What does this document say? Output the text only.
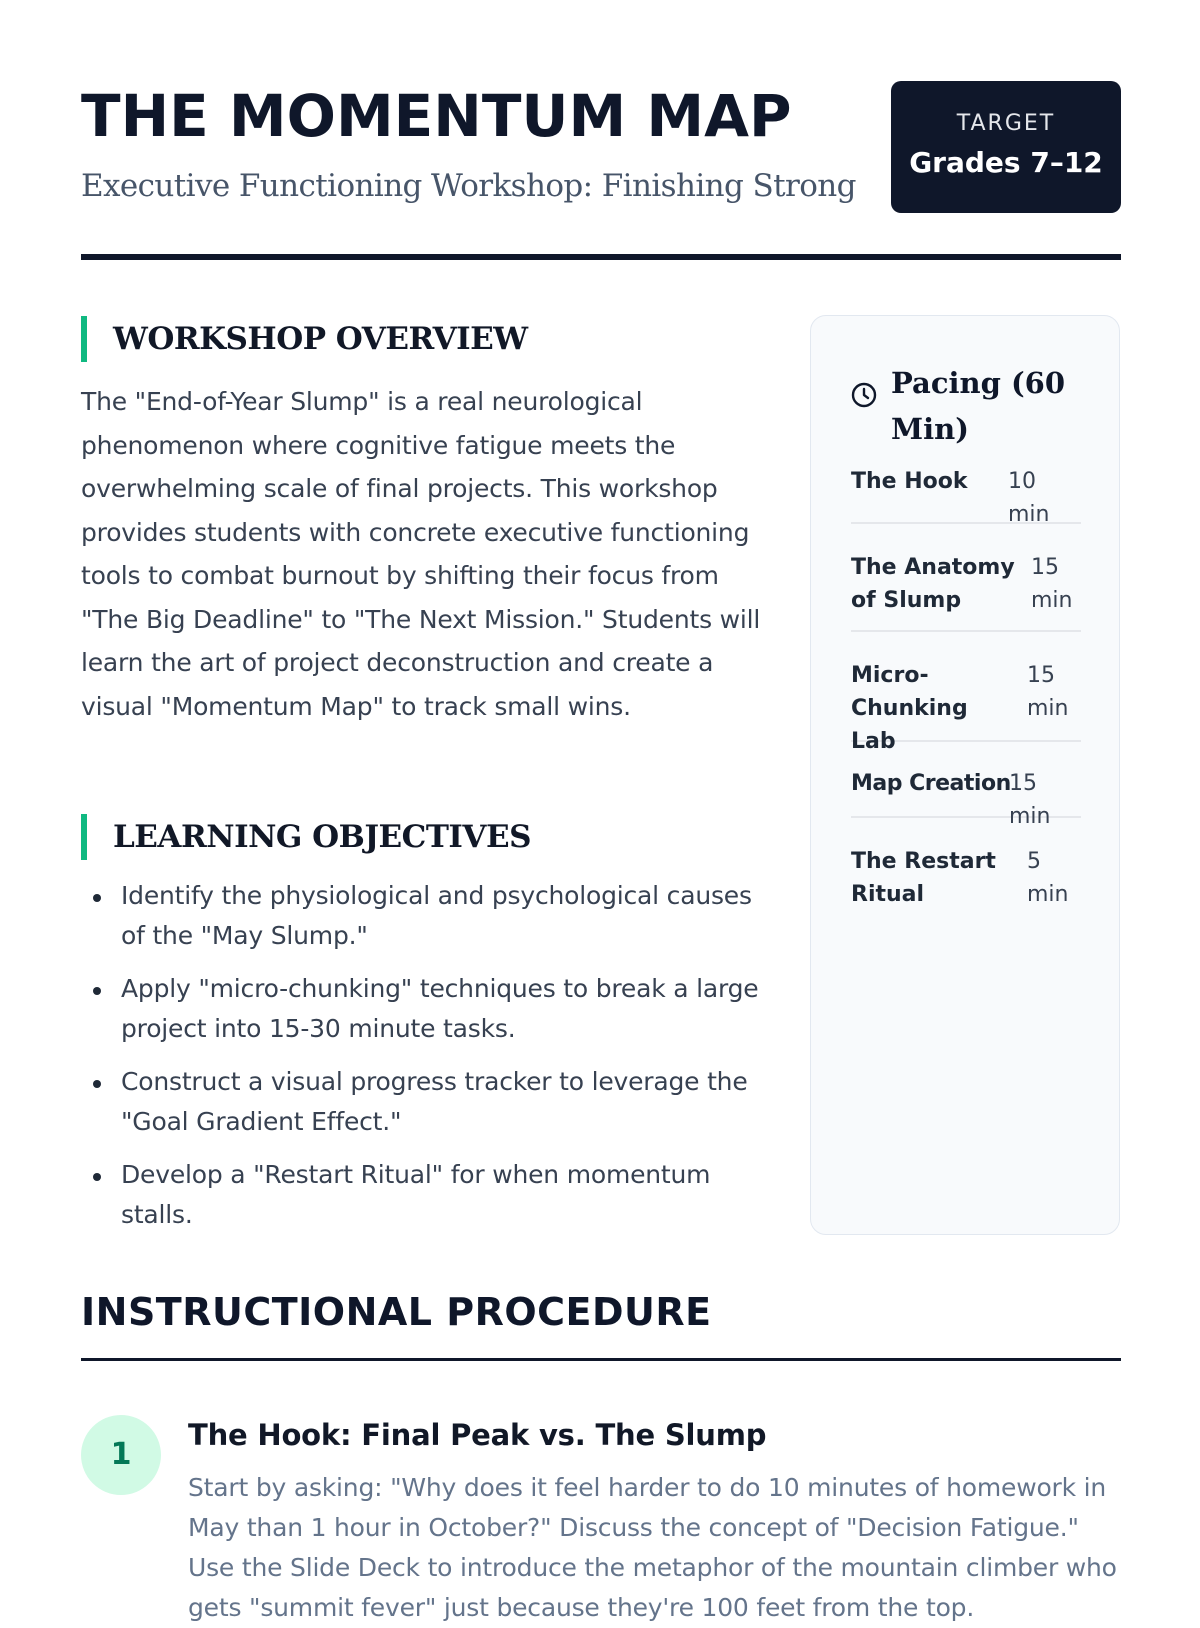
THE MOMENTUM MAP

Executive Functioning Workshop: Finishing Strong

TARGET
Grades 7–12
WORKSHOP OVERVIEW

The "End-of-Year Slump" is a real neurological phenomenon where cognitive fatigue meets the overwhelming scale of final projects. This workshop provides students with concrete executive functioning tools to combat burnout by shifting their focus from "The Big Deadline" to "The Next Mission." Students will learn the art of project deconstruction and create a visual "Momentum Map" to track small wins.

LEARNING OBJECTIVES
Identify the physiological and psychological causes of the "May Slump."
Apply "micro-chunking" techniques to break a large project into 15-30 minute tasks.
Construct a visual progress tracker to leverage the "Goal Gradient Effect."
Develop a "Restart Ritual" for when momentum stalls.
Pacing (60 Min)
The Hook	10 min
The Anatomy of Slump
15 min
Micro-Chunking Lab
15 min
Map Creation
15 min
The Restart Ritual
5 min
INSTRUCTIONAL PROCEDURE
1
The Hook: Final Peak vs. The Slump

Start by asking: "Why does it feel harder to do 10 minutes of homework in May than 1 hour in October?" Discuss the concept of "Decision Fatigue." Use the Slide Deck to introduce the metaphor of the mountain climber who gets "summit fever" just because they're 100 feet from the top.
